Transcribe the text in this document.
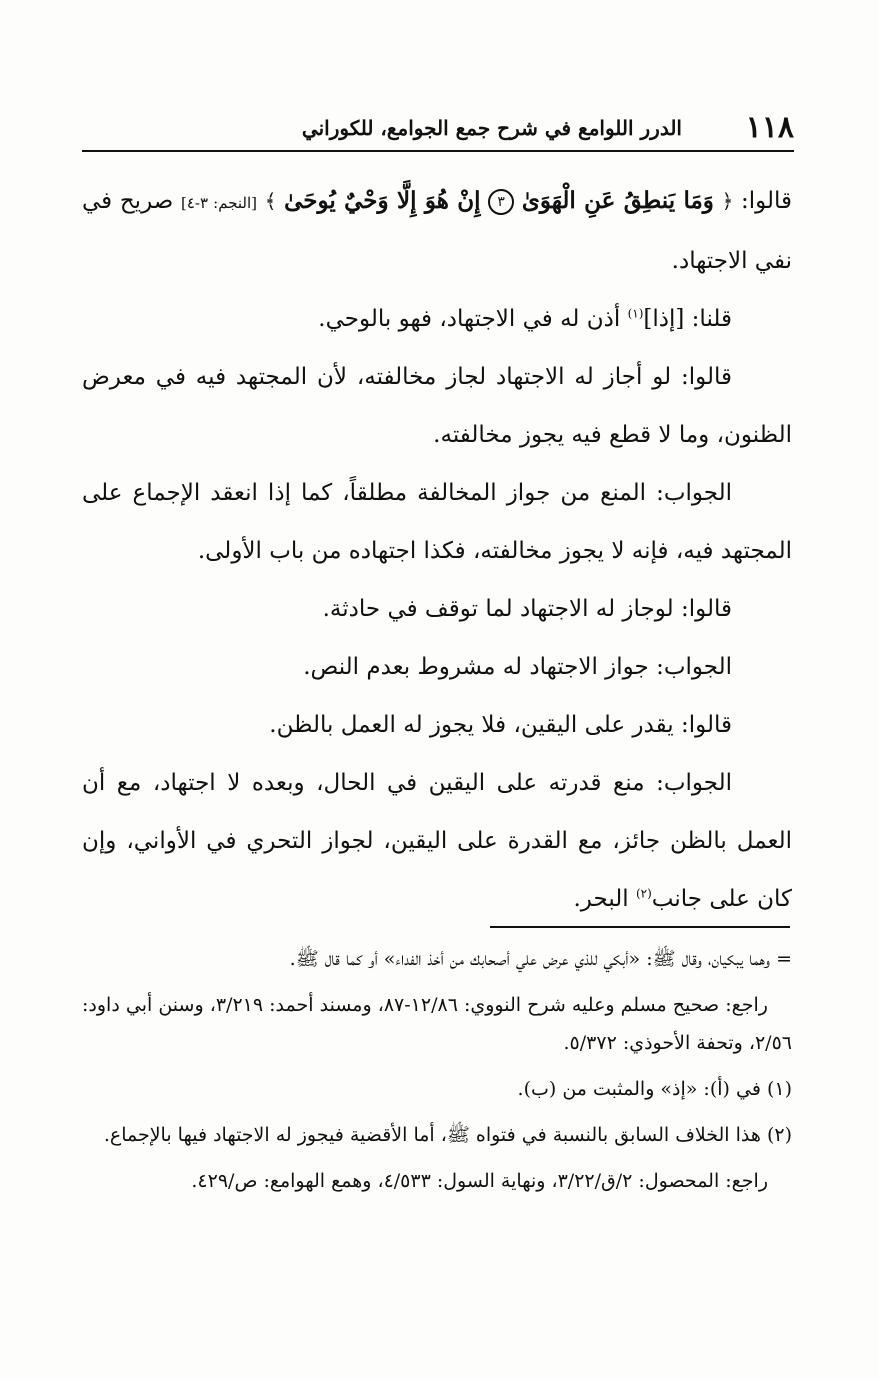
١١٨
الدرر اللوامع في شرح جمع الجوامع، للكوراني

قالوا: ﴿ وَمَا يَنطِقُ عَنِ الْهَوَىٰ ٣ إِنْ هُوَ إِلَّا وَحْيٌ يُوحَىٰ ﴾ [النجم: ٣-٤] صريح في نفي الاجتهاد.

قلنا: [إذا]$^{(١)}$ أذن له في الاجتهاد، فهو بالوحي.

قالوا: لو أجاز له الاجتهاد لجاز مخالفته، لأن المجتهد فيه في معرض الظنون، وما لا قطع فيه يجوز مخالفته.

الجواب: المنع من جواز المخالفة مطلقاً، كما إذا انعقد الإجماع على المجتهد فيه، فإنه لا يجوز مخالفته، فكذا اجتهاده من باب الأولى.

قالوا: لوجاز له الاجتهاد لما توقف في حادثة.

الجواب: جواز الاجتهاد له مشروط بعدم النص.

قالوا: يقدر على اليقين، فلا يجوز له العمل بالظن.

الجواب: منع قدرته على اليقين في الحال، وبعده لا اجتهاد، مع أن العمل بالظن جائز، مع القدرة على اليقين، لجواز التحري في الأواني، وإن كان على جانب$^{(٢)}$ البحر.

= وهما يبكيان، وقال ﷺ: «أبكي للذي عرض علي أصحابك من أخذ الفداء» أو كما قال ﷺ.

راجع: صحيح مسلم وعليه شرح النووي: ١٢/٨٦-٨٧، ومسند أحمد: ٣/٢١٩، وسنن أبي داود: ٢/٥٦، وتحفة الأحوذي: ٥/٣٧٢.

(١) في (أ): «إذ» والمثبت من (ب).

(٢) هذا الخلاف السابق بالنسبة في فتواه ﷺ، أما الأقضية فيجوز له الاجتهاد فيها بالإجماع.

راجع: المحصول: ٢/ق/٣/٢٢، ونهاية السول: ٤/٥٣٣، وهمع الهوامع: ص/٤٢٩.
